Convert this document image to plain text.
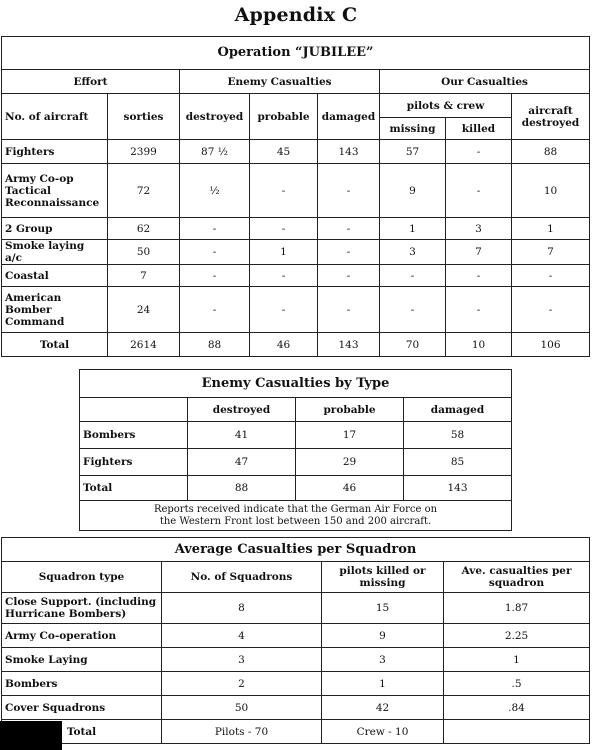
Appendix C
Operation “JUBILEE”							
Effort		Enemy Casualties			Our Casualties		
No. of aircraft	sorties	destroyed	probable	damaged	pilots & crew		aircraft destroyed
					missing	killed	
Fighters	2399	87 ½	45	143	57	-	88
Army Co-op Tactical Reconnaissance	72	½	-	-	9	-	10
2 Group	62	-	-	-	1	3	1
Smoke laying a/c	50	-	1	-	3	7	7
Coastal	7	-	-	-	-	-	-
American Bomber Command	24	-	-	-	-	-	-
Total	2614	88	46	143	70	10	106
Enemy Casualties by Type			
	destroyed	probable	damaged
Bombers	41	17	58
Fighters	47	29	85
Total	88	46	143

Reports received indicate that the German Air Force on
the Western Front lost between 150 and 200 aircraft.			
Average Casualties per Squadron			
Squadron type	No. of Squadrons	pilots killed or missing	Ave. casualties per squadron
Close Support. (including Hurricane Bombers)	8	15	1.87
Army Co-operation	4	9	2.25
Smoke Laying	3	3	1
Bombers	2	1	.5
Cover Squadrons	50	42	.84
Total	Pilots - 70	Crew - 10	
